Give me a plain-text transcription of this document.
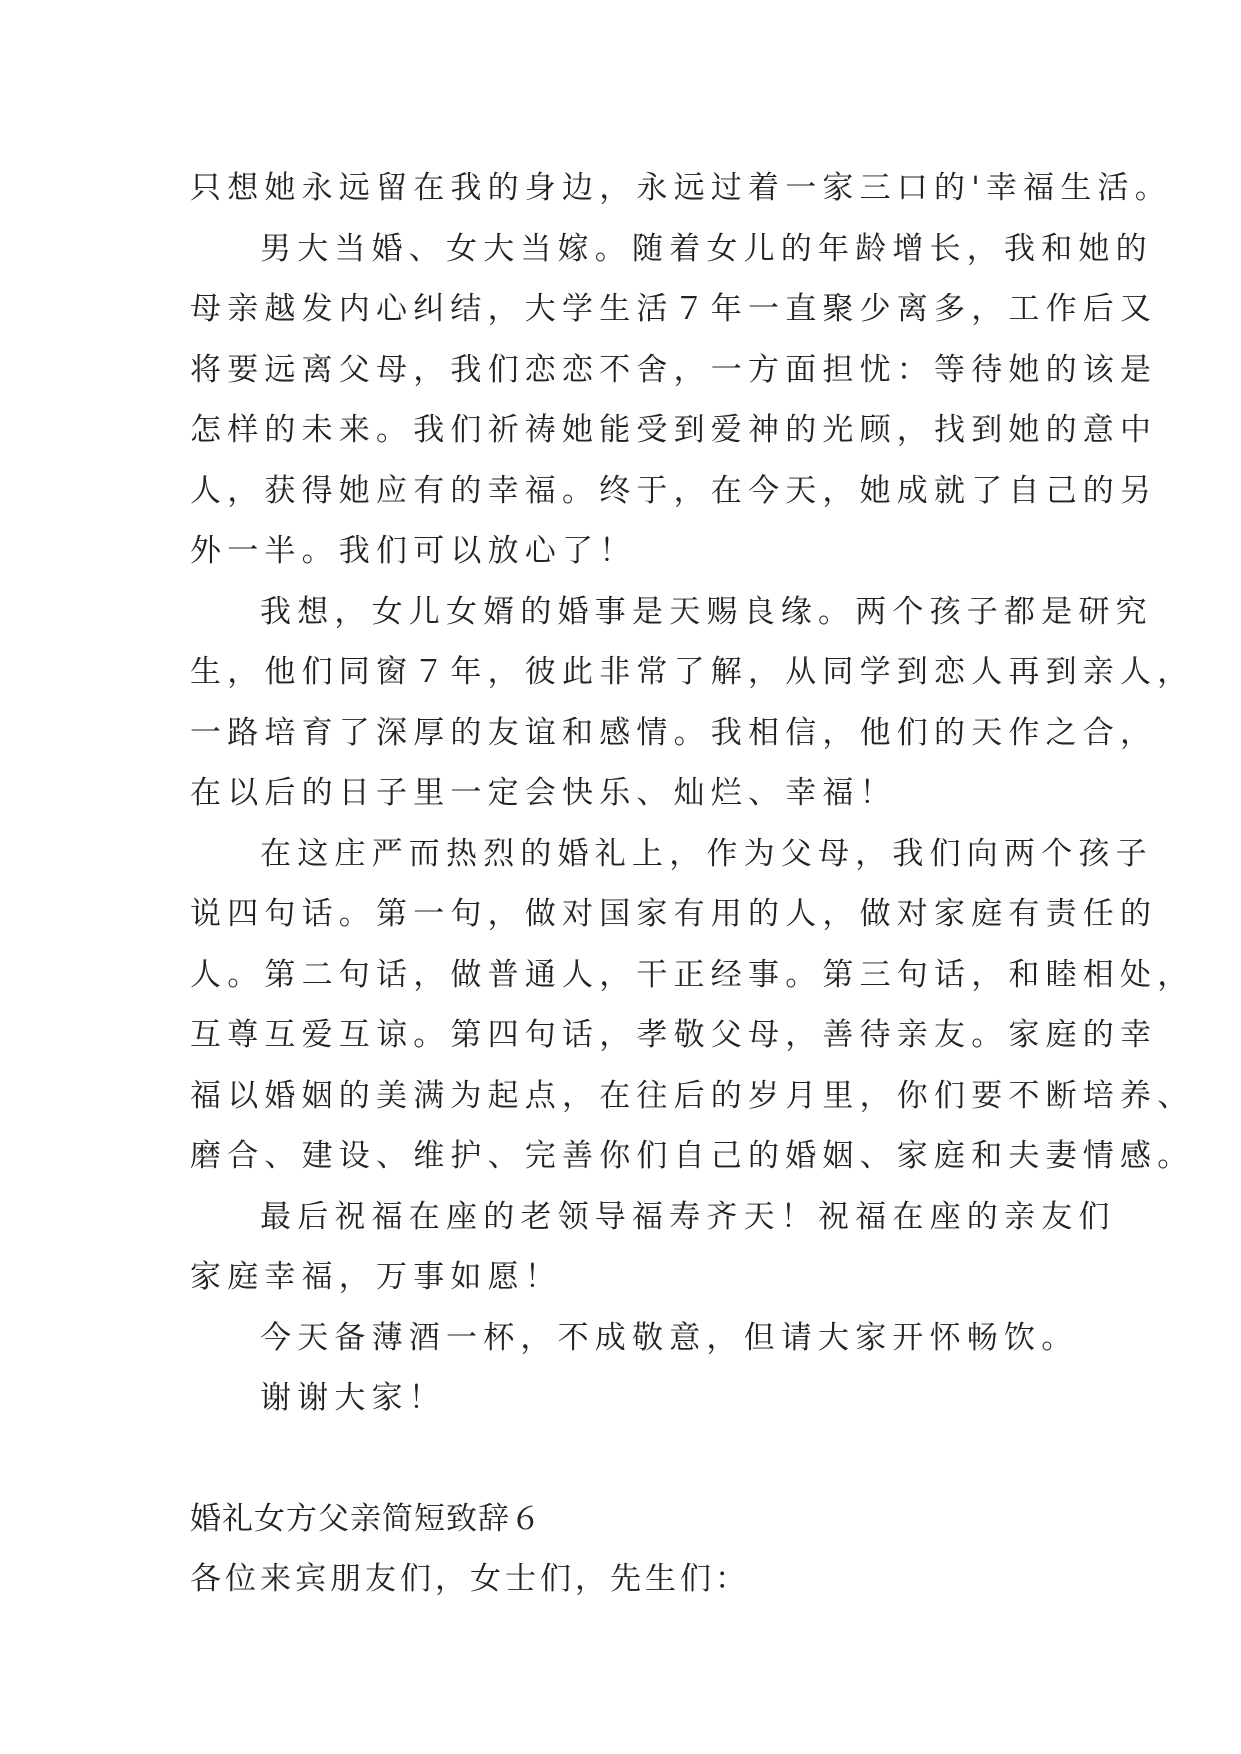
只想她永远留在我的身边，永远过着一家三口的'幸福生活。
男大当婚、女大当嫁。随着女儿的年龄增长，我和她的
母亲越发内心纠结，大学生活７年一直聚少离多，工作后又
将要远离父母，我们恋恋不舍，一方面担忧：等待她的该是
怎样的未来。我们祈祷她能受到爱神的光顾，找到她的意中
人，获得她应有的幸福。终于，在今天，她成就了自己的另
外一半。我们可以放心了！
我想，女儿女婿的婚事是天赐良缘。两个孩子都是研究
生，他们同窗７年，彼此非常了解，从同学到恋人再到亲人，
一路培育了深厚的友谊和感情。我相信，他们的天作之合，
在以后的日子里一定会快乐、灿烂、幸福！
在这庄严而热烈的婚礼上，作为父母，我们向两个孩子
说四句话。第一句，做对国家有用的人，做对家庭有责任的
人。第二句话，做普通人，干正经事。第三句话，和睦相处，
互尊互爱互谅。第四句话，孝敬父母，善待亲友。家庭的幸
福以婚姻的美满为起点，在往后的岁月里，你们要不断培养、
磨合、建设、维护、完善你们自己的婚姻、家庭和夫妻情感。
最后祝福在座的老领导福寿齐天！祝福在座的亲友们
家庭幸福，万事如愿！
今天备薄酒一杯，不成敬意，但请大家开怀畅饮。
谢谢大家！
婚礼女方父亲简短致辞６
各位来宾朋友们，女士们，先生们：
